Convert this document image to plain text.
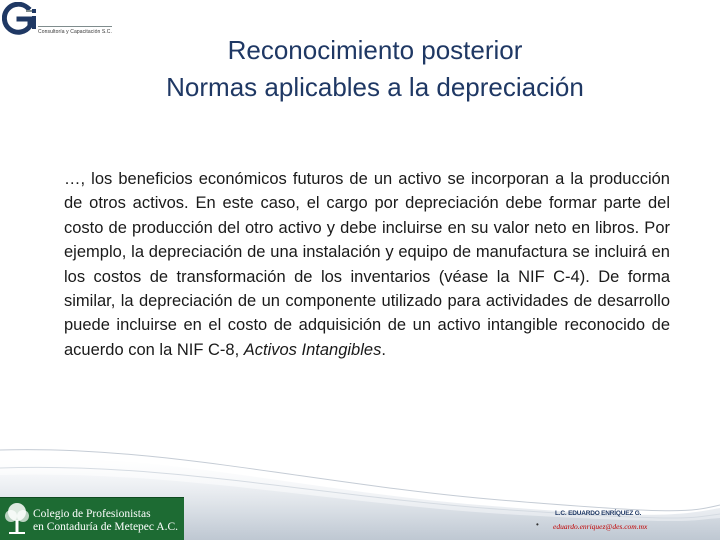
Consultoría y Capacitación S.C.
Reconocimiento posterior
Normas aplicables a la depreciación

…, los beneficios económicos futuros de un activo se incorporan a la producción de otros activos. En este caso, el cargo por depreciación debe formar parte del costo de producción del otro activo y debe incluirse en su valor neto en libros. Por ejemplo, la depreciación de una instalación y equipo de manufactura se incluirá en los costos de transformación de los inventarios (véase la NIF C-4). De forma similar, la depreciación de un componente utilizado para actividades de desarrollo puede incluirse en el costo de adquisición de un activo intangible reconocido de acuerdo con la NIF C-8, Activos Intangibles.

Colegio de Profesionistas
en Contaduría de Metepec A.C.	•
L.C. EDUARDO ENRÍQUEZ G.
eduardo.enriquez@des.com.mx
